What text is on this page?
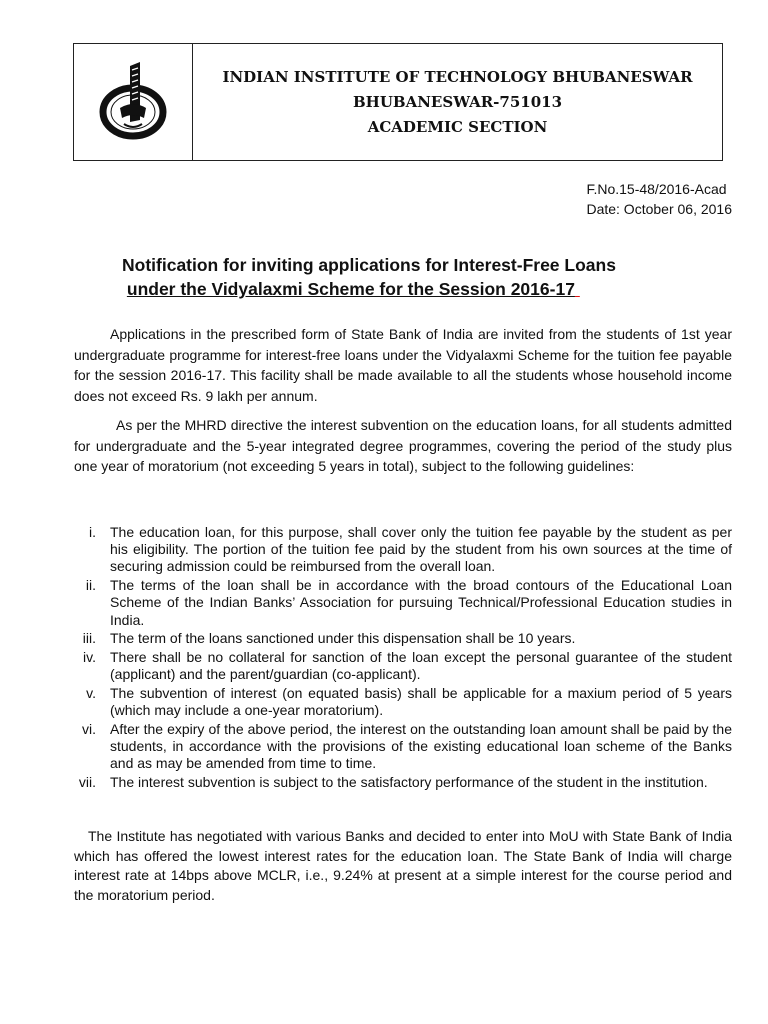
INDIAN INSTITUTE OF TECHNOLOGY BHUBANESWAR
BHUBANESWAR-751013
ACADEMIC SECTION
F.No.15-48/2016-Acad
Date: October 06, 2016
Notification for inviting applications for Interest-Free Loans
under the Vidyalaxmi Scheme for the Session 2016-17
Applications in the prescribed form of State Bank of India are invited from the students of 1st year undergraduate programme for interest-free loans under the Vidyalaxmi Scheme for the tuition fee payable for the session 2016-17. This facility shall be made available to all the students whose household income does not exceed Rs. 9 lakh per annum.
As per the MHRD directive the interest subvention on the education loans, for all students admitted for undergraduate and the 5-year integrated degree programmes, covering the period of the study plus one year of moratorium (not exceeding 5 years in total), subject to the following guidelines:
i.	The education loan, for this purpose, shall cover only the tuition fee payable by the student as per his eligibility. The portion of the tuition fee paid by the student from his own sources at the time of securing admission could be reimbursed from the overall loan.
ii.	The terms of the loan shall be in accordance with the broad contours of the Educational Loan Scheme of the Indian Banks’ Association for pursuing Technical/Professional Education studies in India.
iii.	The term of the loans sanctioned under this dispensation shall be 10 years.
iv.	There shall be no collateral for sanction of the loan except the personal guarantee of the student (applicant) and the parent/guardian (co-applicant).
v.	The subvention of interest (on equated basis) shall be applicable for a maxium period of 5 years (which may include a one-year moratorium).
vi.	After the expiry of the above period, the interest on the outstanding loan amount shall be paid by the students, in accordance with the provisions of the existing educational loan scheme of the Banks and as may be amended from time to time.
vii.	The interest subvention is subject to the satisfactory performance of the student in the institution.
The Institute has negotiated with various Banks and decided to enter into MoU with State Bank of India which has offered the lowest interest rates for the education loan. The State Bank of India will charge interest rate at 14bps above MCLR, i.e., 9.24% at present at a simple interest for the course period and the moratorium period.
